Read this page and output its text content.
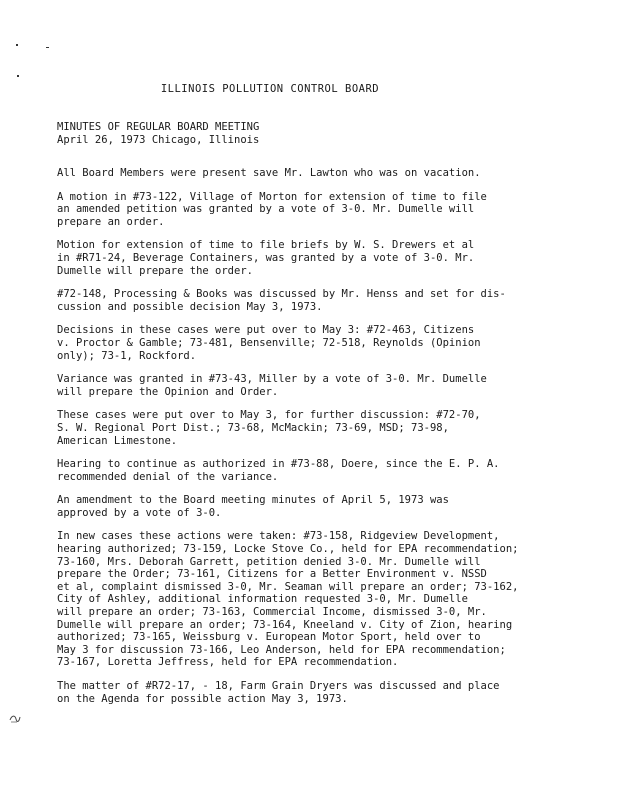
ILLINOIS POLLUTION CONTROL BOARD
MINUTES OF REGULAR BOARD MEETING
April 26, 1973 Chicago, Illinois

All Board Members were present save Mr. Lawton who was on vacation.

A motion in #73-122, Village of Morton for extension of time to file
an amended petition was granted by a vote of 3-0. Mr. Dumelle will
prepare an order.

Motion for extension of time to file briefs by W. S. Drewers et al
in #R71-24, Beverage Containers, was granted by a vote of 3-0. Mr.
Dumelle will prepare the order.

#72-148, Processing & Books was discussed by Mr. Henss and set for dis-
cussion and possible decision May 3, 1973.

Decisions in these cases were put over to May 3: #72-463, Citizens
v. Proctor & Gamble; 73-481, Bensenville; 72-518, Reynolds (Opinion
only); 73-1, Rockford.

Variance was granted in #73-43, Miller by a vote of 3-0. Mr. Dumelle
will prepare the Opinion and Order.

These cases were put over to May 3, for further discussion: #72-70,
S. W. Regional Port Dist.; 73-68, McMackin; 73-69, MSD; 73-98,
American Limestone.

Hearing to continue as authorized in #73-88, Doere, since the E. P. A.
recommended denial of the variance.

An amendment to the Board meeting minutes of April 5, 1973 was
approved by a vote of 3-0.

In new cases these actions were taken: #73-158, Ridgeview Development,
hearing authorized; 73-159, Locke Stove Co., held for EPA recommendation;
73-160, Mrs. Deborah Garrett, petition denied 3-0. Mr. Dumelle will
prepare the Order; 73-161, Citizens for a Better Environment v. NSSD
et al, complaint dismissed 3-0, Mr. Seaman will prepare an order; 73-162,
City of Ashley, additional information requested 3-0, Mr. Dumelle
will prepare an order; 73-163, Commercial Income, dismissed 3-0, Mr.
Dumelle will prepare an order; 73-164, Kneeland v. City of Zion, hearing
authorized; 73-165, Weissburg v. European Motor Sport, held over to
May 3 for discussion 73-166, Leo Anderson, held for EPA recommendation;
73-167, Loretta Jeffress, held for EPA recommendation.

The matter of #R72-17, - 18, Farm Grain Dryers was discussed and place
on the Agenda for possible action May 3, 1973.
